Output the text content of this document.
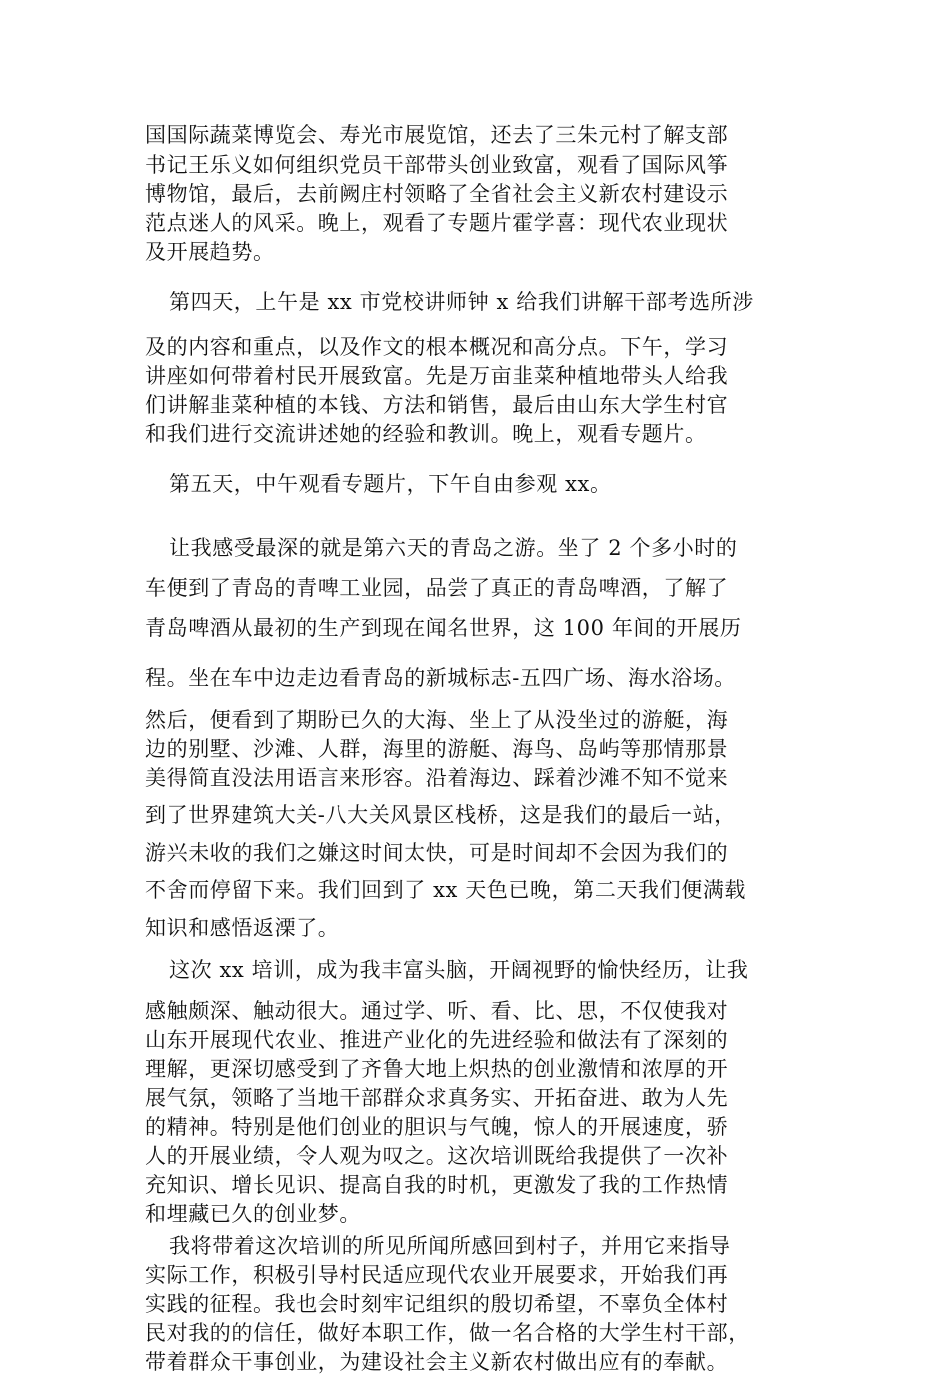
国国际蔬菜博览会、寿光市展览馆，还去了三朱元村了解支部
书记王乐义如何组织党员干部带头创业致富，观看了国际风筝
博物馆，最后，去前阙庄村领略了全省社会主义新农村建设示
范点迷人的风采。晚上，观看了专题片霍学喜：现代农业现状
及开展趋势。
第四天，上午是 xx 市党校讲师钟 x 给我们讲解干部考选所涉
及的内容和重点，以及作文的根本概况和高分点。下午，学习
讲座如何带着村民开展致富。先是万亩韭菜种植地带头人给我
们讲解韭菜种植的本钱、方法和销售，最后由山东大学生村官
和我们进行交流讲述她的经验和教训。晚上，观看专题片。
第五天，中午观看专题片，下午自由参观 xx。
让我感受最深的就是第六天的青岛之游。坐了 2 个多小时的
车便到了青岛的青啤工业园，品尝了真正的青岛啤酒，了解了
青岛啤酒从最初的生产到现在闻名世界，这 100 年间的开展历
程。坐在车中边走边看青岛的新城标志-五四广场、海水浴场。
然后，便看到了期盼已久的大海、坐上了从没坐过的游艇，海
边的别墅、沙滩、人群，海里的游艇、海鸟、岛屿等那情那景
美得简直没法用语言来形容。沿着海边、踩着沙滩不知不觉来
到了世界建筑大关-八大关风景区栈桥，这是我们的最后一站，
游兴未收的我们之嫌这时间太快，可是时间却不会因为我们的
不舍而停留下来。我们回到了 xx 天色已晚，第二天我们便满载
知识和感悟返溧了。
这次 xx 培训，成为我丰富头脑，开阔视野的愉快经历，让我
感触颇深、触动很大。通过学、听、看、比、思，不仅使我对
山东开展现代农业、推进产业化的先进经验和做法有了深刻的
理解，更深切感受到了齐鲁大地上炽热的创业激情和浓厚的开
展气氛，领略了当地干部群众求真务实、开拓奋进、敢为人先
的精神。特别是他们创业的胆识与气魄，惊人的开展速度，骄
人的开展业绩，令人观为叹之。这次培训既给我提供了一次补
充知识、增长见识、提高自我的时机，更激发了我的工作热情
和埋藏已久的创业梦。
我将带着这次培训的所见所闻所感回到村子，并用它来指导
实际工作，积极引导村民适应现代农业开展要求，开始我们再
实践的征程。我也会时刻牢记组织的殷切希望，不辜负全体村
民对我的的信任，做好本职工作，做一名合格的大学生村干部，
带着群众干事创业，为建设社会主义新农村做出应有的奉献。
